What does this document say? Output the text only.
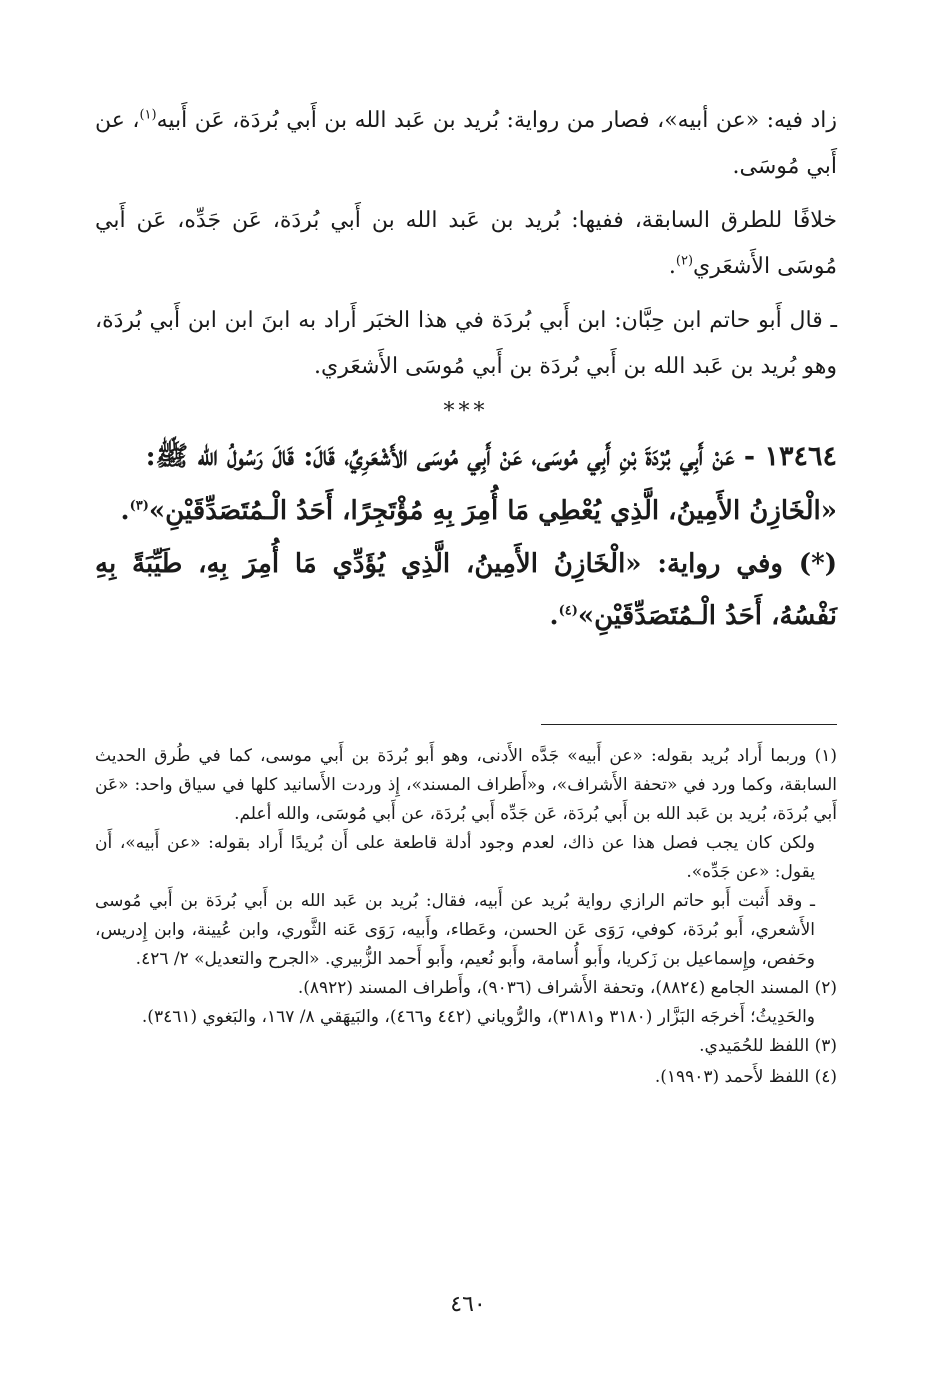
زاد فيه: «عن أبيه»، فصار من رواية: بُريد بن عَبد الله بن أَبي بُردَة، عَن أَبيه$^{(١)}$، عن أَبي مُوسَى.

خلافًا للطرق السابقة، ففيها: بُريد بن عَبد الله بن أَبي بُردَة، عَن جَدِّه، عَن أَبي مُوسَى الأَشعَري$^{(٢)}$.

ـ قال أَبو حاتم ابن حِبَّان: ابن أَبي بُردَة في هذا الخبَر أَراد به ابنَ ابن ابن أَبي بُردَة، وهو بُريد بن عَبد الله بن أَبي بُردَة بن أَبي مُوسَى الأَشعَري.

***

١٣٤٦٤ - عَنْ أَبِي بُرْدَةَ بْنِ أَبِي مُوسَى، عَنْ أَبِي مُوسَى الأَشْعَرِيِّ، قَالَ: قَالَ رَسُولُ الله ﷺ:

«الْخَازِنُ الأَمِينُ، الَّذِي يُعْطِي مَا أُمِرَ بِهِ مُؤْتَجِرًا، أَحَدُ الْـمُتَصَدِّقَيْنِ»$^{(٣)}$.

(*) وفي رواية: «الْخَازِنُ الأَمِينُ، الَّذِي يُؤَدِّي مَا أُمِرَ بِهِ، طَيِّبَةً بِهِ نَفْسُهُ، أَحَدُ الْـمُتَصَدِّقَيْنِ»$^{(٤)}$.

(١) وربما أَراد بُريد بقوله: «عن أَبيه» جَدَّه الأَدنى، وهو أَبو بُردَة بن أَبي موسى، كما في طُرق الحديث السابقة، وكما ورد في «تحفة الأَشراف»، و«أَطراف المسند»، إِذ وردت الأَسانيد كلها في سياق واحد: «عَن أَبي بُردَة، بُريد بن عَبد الله بن أَبي بُردَة، عَن جَدِّه أَبي بُردَة، عن أَبي مُوسَى، والله أعلم.

ولكن كان يجب فصل هذا عن ذاك، لعدم وجود أدلة قاطعة على أَن بُريدًا أَراد بقوله: «عن أَبيه»، أَن يقول: «عن جَدِّه».

ـ وقد أَثبت أَبو حاتم الرازي رواية بُريد عن أَبيه، فقال: بُريد بن عَبد الله بن أَبي بُردَة بن أَبي مُوسى الأَشعري، أَبو بُردَة، كوفي، رَوَى عَن الحسن، وعَطاء، وأَبيه، رَوَى عَنه الثَّوري، وابن عُيينة، وابن إِدريس، وحَفص، وإِسماعيل بن زَكريا، وأَبو أُسامة، وأَبو نُعيم، وأَبو أَحمد الزُّبيري. «الجرح والتعديل» ٢/ ٤٢٦.

(٢) المسند الجامع (٨٨٢٤)، وتحفة الأَشراف (٩٠٣٦)، وأَطراف المسند (٨٩٢٢).

والحَدِيثُ؛ أَخرجَه البَزَّار (٣١٨٠ و٣١٨١)، والرُّوياني (٤٤٢ و٤٦٦)، والبَيهَقي ٨/ ١٦٧، والبَغوي (٣٤٦١).

(٣) اللفظ للحُمَيدي.

(٤) اللفظ لأَحمد (١٩٩٠٣).

٤٦٠
